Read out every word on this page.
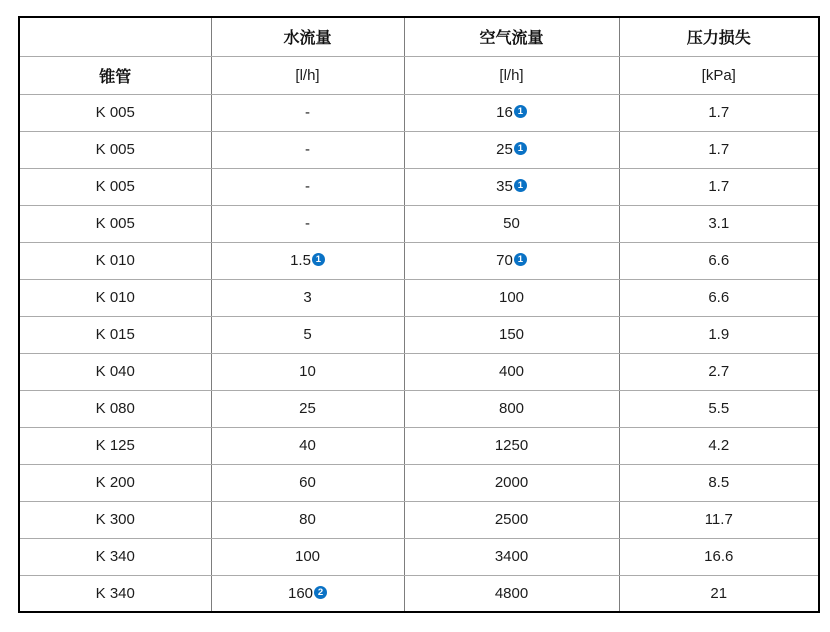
	水流量	空气流量	压力损失
锥管	[l/h]	[l/h]	[kPa]
K 005	-	16 1	1.7
K 005	-	25 1	1.7
K 005	-	35 1	1.7
K 005	-	50	3.1
K 010	1.5 1	70 1	6.6
K 010	3	100	6.6
K 015	5	150	1.9
K 040	10	400	2.7
K 080	25	800	5.5
K 125	40	1250	4.2
K 200	60	2000	8.5
K 300	80	2500	11.7
K 340	100	3400	16.6
K 340	160 2	4800	21
